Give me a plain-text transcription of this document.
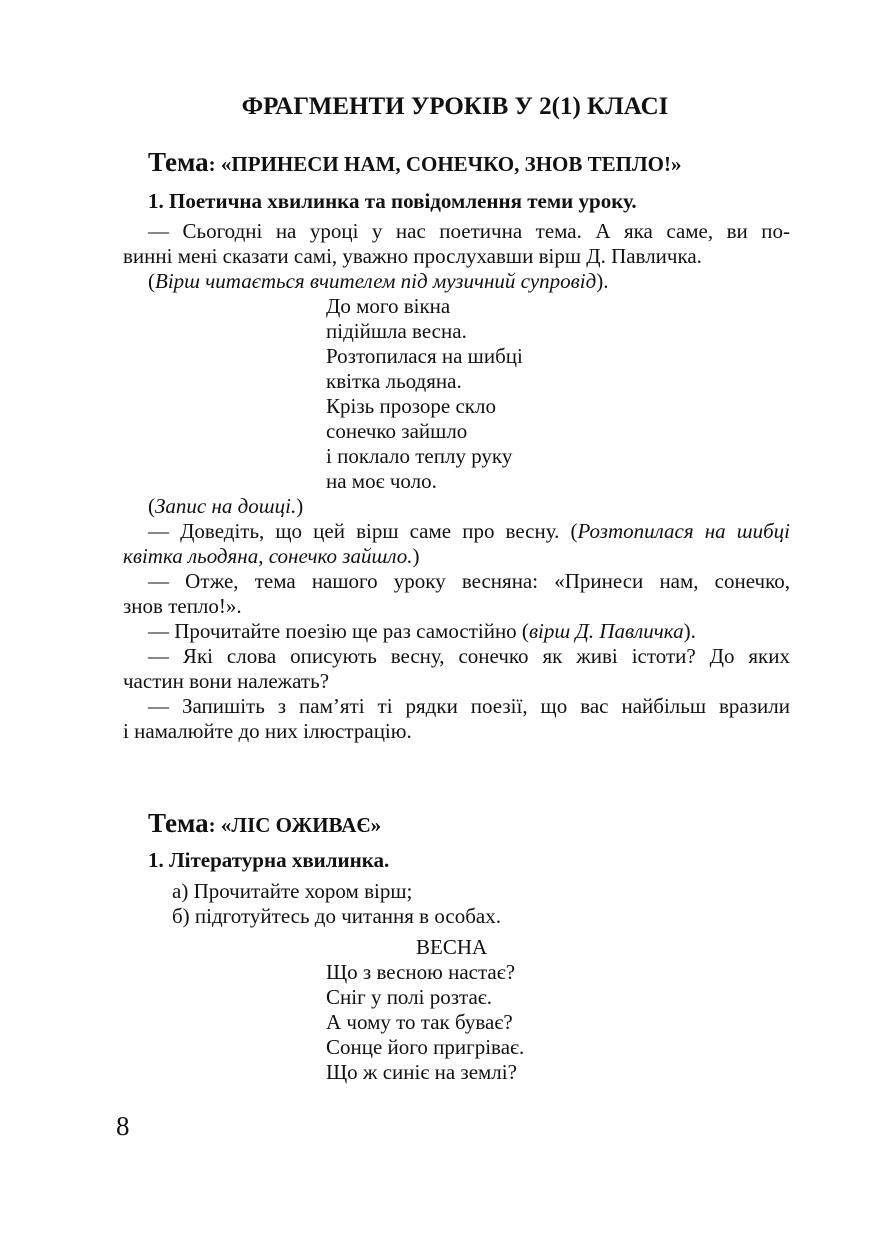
ФРАГМЕНТИ УРОКІВ У 2(1) КЛАСІ
Тема: «ПРИНЕСИ НАМ, СОНЕЧКО, ЗНОВ ТЕПЛО!»
1. Поетична хвилинка та повідомлення теми уроку.
— Сьогодні на уроці у нас поетична тема. А яка саме, ви по-
винні мені сказати самі, уважно прослухавши вірш Д. Павличка.
(Вірш читається вчителем під музичний супровід).
До мого вікна
підійшла весна.
Розтопилася на шибці
квітка льодяна.
Крізь прозоре скло
сонечко зайшло
і поклало теплу руку
на моє чоло.
(Запис на дошці.)
— Доведіть, що цей вірш саме про весну. (Розтопилася на шибці
квітка льодяна, сонечко зайшло.)
— Отже, тема нашого уроку весняна: «Принеси нам, сонечко,
знов тепло!».
— Прочитайте поезію ще раз самостійно (вірш Д. Павличка).
— Які слова описують весну, сонечко як живі істоти? До яких
частин вони належать?
— Запишіть з пам’яті ті рядки поезії, що вас найбільш вразили
і намалюйте до них ілюстрацію.
Тема: «ЛІС ОЖИВАЄ»
1. Літературна хвилинка.
а) Прочитайте хором вірш;
б) підготуйтесь до читання в особах.
ВЕСНА
Що з весною настає?
Сніг у полі розтає.
А чому то так буває?
Сонце його пригріває.
Що ж синіє на землі?
8
